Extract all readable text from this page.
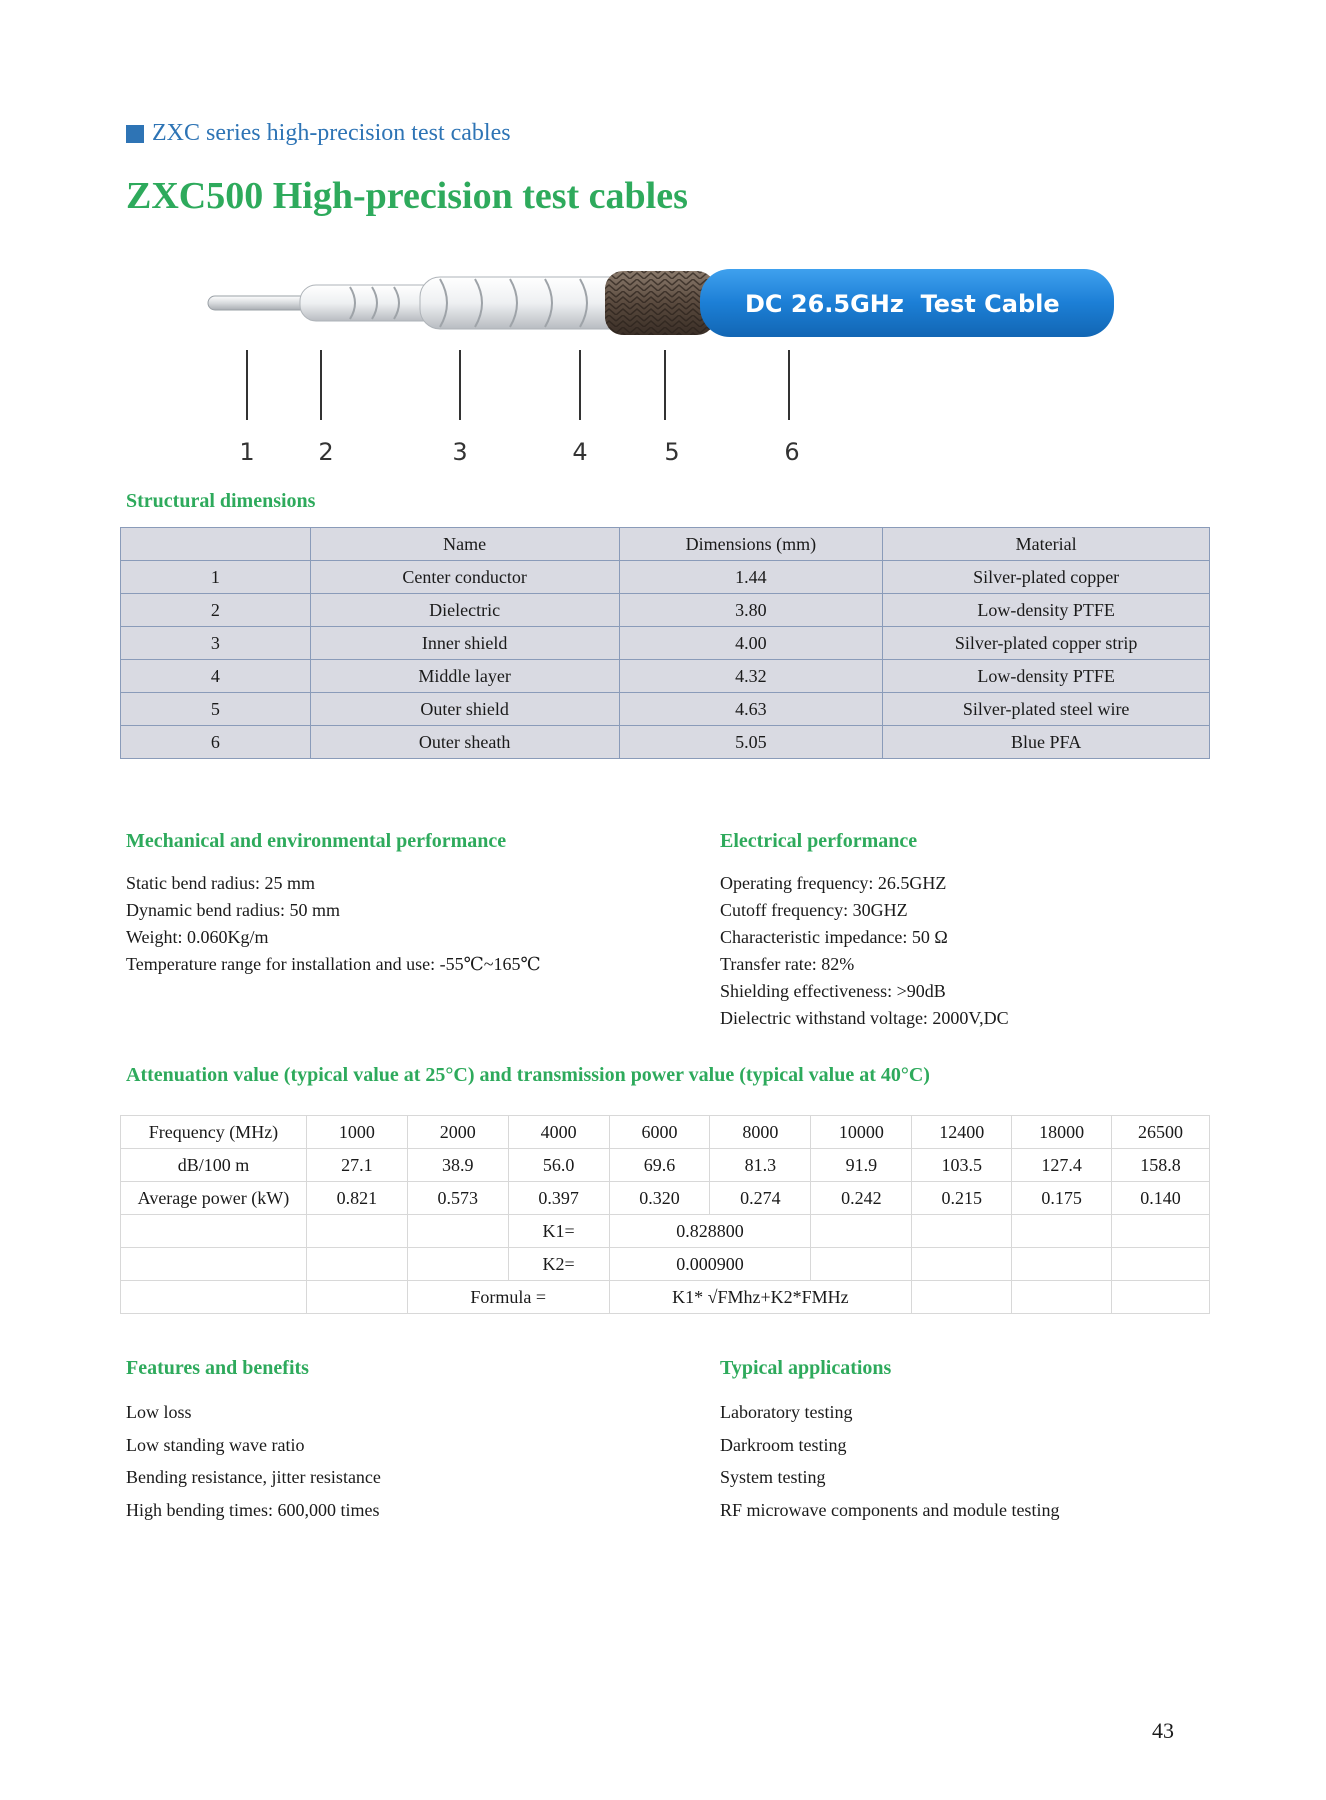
ZXC series high-precision test cables
ZXC500 High-precision test cables
DC 26.5GHz  Test Cable
1	2	3	4	5	6
Structural dimensions
	Name	Dimensions (mm)	Material
1	Center conductor	1.44	Silver-plated copper
2	Dielectric	3.80	Low-density PTFE
3	Inner shield	4.00	Silver-plated copper strip
4	Middle layer	4.32	Low-density PTFE
5	Outer shield	4.63	Silver-plated steel wire
6	Outer sheath	5.05	Blue PFA
Mechanical and environmental performance
Static bend radius: 25 mm
Dynamic bend radius: 50 mm
Weight: 0.060Kg/m
Temperature range for installation and use: -55℃~165℃
Electrical performance
Operating frequency: 26.5GHZ
Cutoff frequency: 30GHZ
Characteristic impedance: 50 Ω
Transfer rate: 82%
Shielding effectiveness: >90dB
Dielectric withstand voltage: 2000V,DC
Attenuation value (typical value at 25°C) and transmission power value (typical value at 40°C)
Frequency (MHz)	1000	2000	4000	6000	8000	10000	12400	18000	26500
dB/100 m	27.1	38.9	56.0	69.6	81.3	91.9	103.5	127.4	158.8
Average power (kW)	0.821	0.573	0.397	0.320	0.274	0.242	0.215	0.175	0.140
			K1=	0.828800					
			K2=	0.000900					
		Formula =		K1* √FMhz+K2*FMHz					
Features and benefits
Low loss
Low standing wave ratio
Bending resistance, jitter resistance
High bending times: 600,000 times
Typical applications
Laboratory testing
Darkroom testing
System testing
RF microwave components and module testing
43
